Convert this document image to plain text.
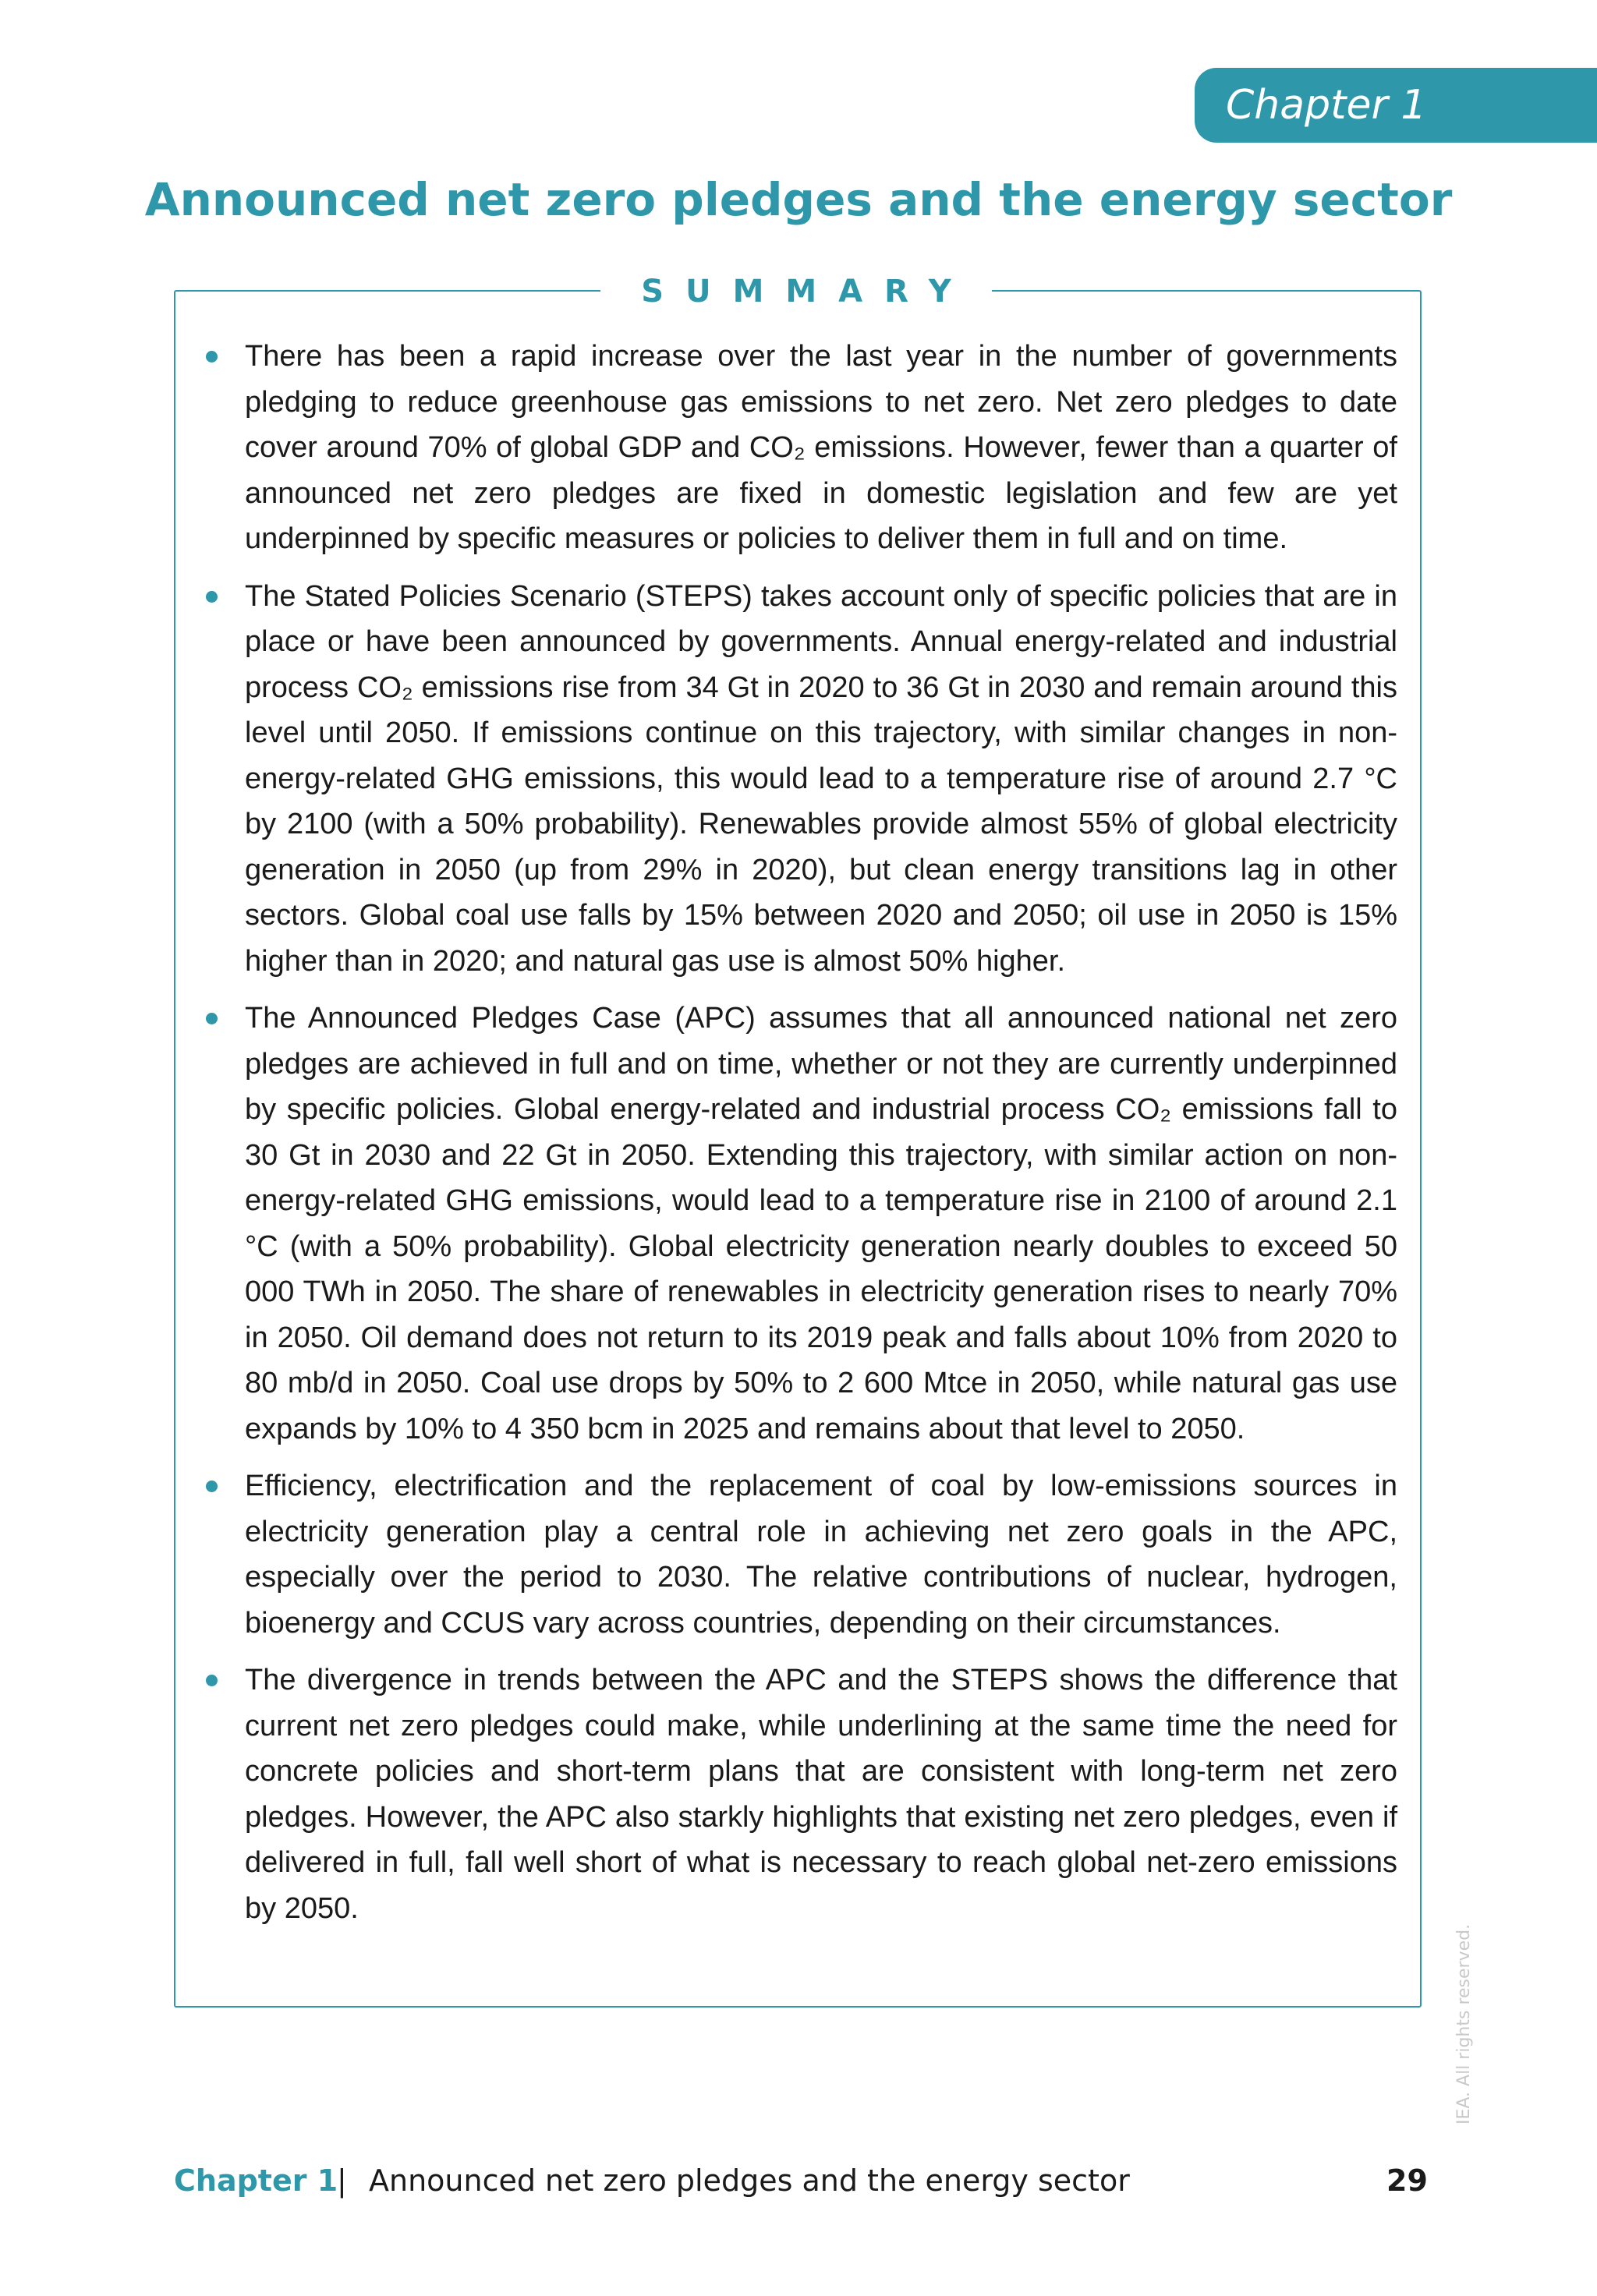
Chapter 1
Announced net zero pledges and the energy sector
SUMMARY

There has been a rapid increase over the last year in the number of governments pledging to reduce greenhouse gas emissions to net zero. Net zero pledges to date cover around 70% of global GDP and CO₂ emissions. However, fewer than a quarter of announced net zero pledges are fixed in domestic legislation and few are yet underpinned by specific measures or policies to deliver them in full and on time.

The Stated Policies Scenario (STEPS) takes account only of specific policies that are in place or have been announced by governments. Annual energy-related and industrial process CO₂ emissions rise from 34 Gt in 2020 to 36 Gt in 2030 and remain around this level until 2050. If emissions continue on this trajectory, with similar changes in non-energy-related GHG emissions, this would lead to a temperature rise of around 2.7 °C by 2100 (with a 50% probability). Renewables provide almost 55% of global electricity generation in 2050 (up from 29% in 2020), but clean energy transitions lag in other sectors. Global coal use falls by 15% between 2020 and 2050; oil use in 2050 is 15% higher than in 2020; and natural gas use is almost 50% higher.

The Announced Pledges Case (APC) assumes that all announced national net zero pledges are achieved in full and on time, whether or not they are currently underpinned by specific policies. Global energy-related and industrial process CO₂ emissions fall to 30 Gt in 2030 and 22 Gt in 2050. Extending this trajectory, with similar action on non-energy-related GHG emissions, would lead to a temperature rise in 2100 of around 2.1 °C (with a 50% probability). Global electricity generation nearly doubles to exceed 50 000 TWh in 2050. The share of renewables in electricity generation rises to nearly 70% in 2050. Oil demand does not return to its 2019 peak and falls about 10% from 2020 to 80 mb/d in 2050. Coal use drops by 50% to 2 600 Mtce in 2050, while natural gas use expands by 10% to 4 350 bcm in 2025 and remains about that level to 2050.

Efficiency, electrification and the replacement of coal by low-emissions sources in electricity generation play a central role in achieving net zero goals in the APC, especially over the period to 2030. The relative contributions of nuclear, hydrogen, bioenergy and CCUS vary across countries, depending on their circumstances.

The divergence in trends between the APC and the STEPS shows the difference that current net zero pledges could make, while underlining at the same time the need for concrete policies and short-term plans that are consistent with long-term net zero pledges. However, the APC also starkly highlights that existing net zero pledges, even if delivered in full, fall well short of what is necessary to reach global net-zero emissions by 2050.

Chapter 1
| Announced net zero pledges and the energy sector	29
IEA. All rights reserved.
